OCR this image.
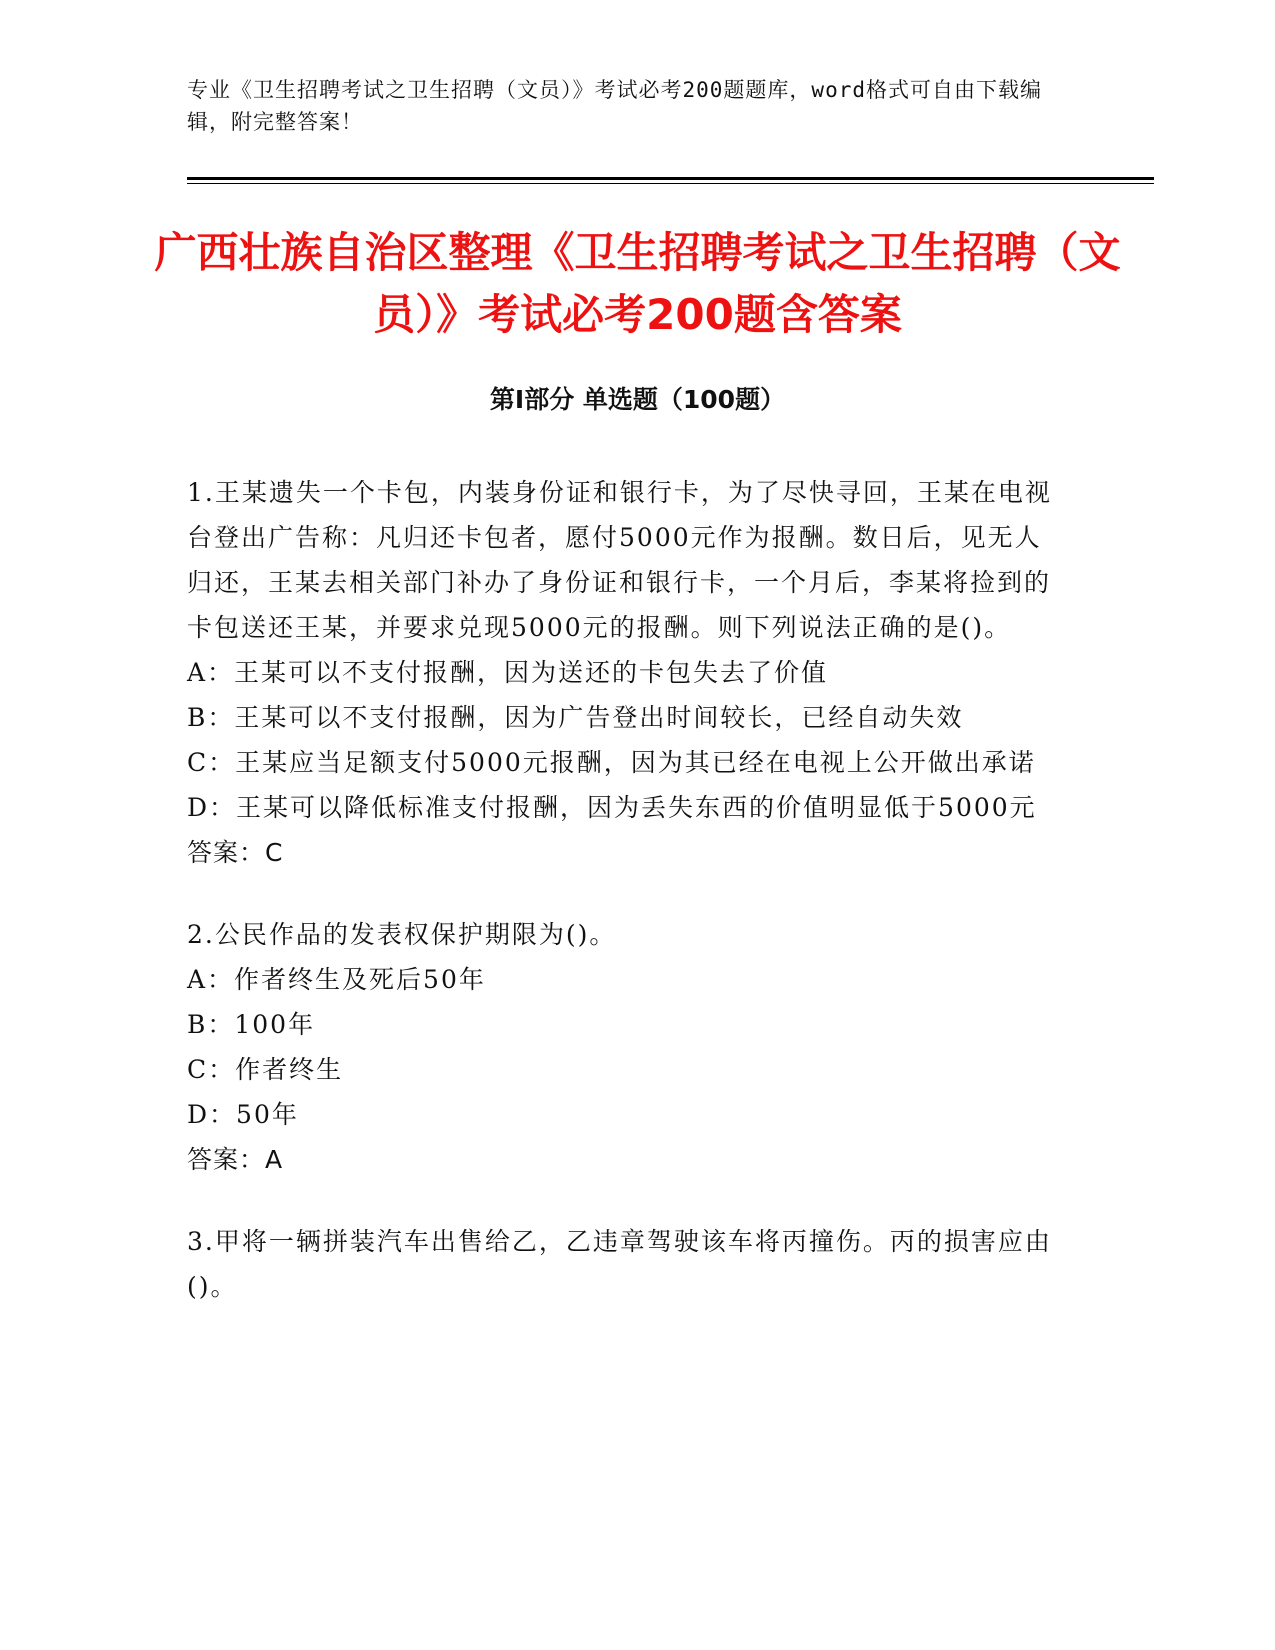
专业《卫生招聘考试之卫生招聘（文员）》考试必考200题题库，word格式可自由下载编辑，附完整答案！
广西壮族自治区整理《卫生招聘考试之卫生招聘（文员）》考试必考200题含答案
第Ⅰ部分 单选题（100题）
1.王某遗失一个卡包，内装身份证和银行卡，为了尽快寻回，王某在电视台登出广告称：凡归还卡包者，愿付5000元作为报酬。数日后，见无人归还，王某去相关部门补办了身份证和银行卡，一个月后，李某将捡到的卡包送还王某，并要求兑现5000元的报酬。则下列说法正确的是()。
A：王某可以不支付报酬，因为送还的卡包失去了价值
B：王某可以不支付报酬，因为广告登出时间较长，已经自动失效
C：王某应当足额支付5000元报酬，因为其已经在电视上公开做出承诺
D：王某可以降低标准支付报酬，因为丢失东西的价值明显低于5000元
答案：C
2.公民作品的发表权保护期限为()。
A：作者终生及死后50年
B：100年
C：作者终生
D：50年
答案：A
3.甲将一辆拼装汽车出售给乙，乙违章驾驶该车将丙撞伤。丙的损害应由()。
